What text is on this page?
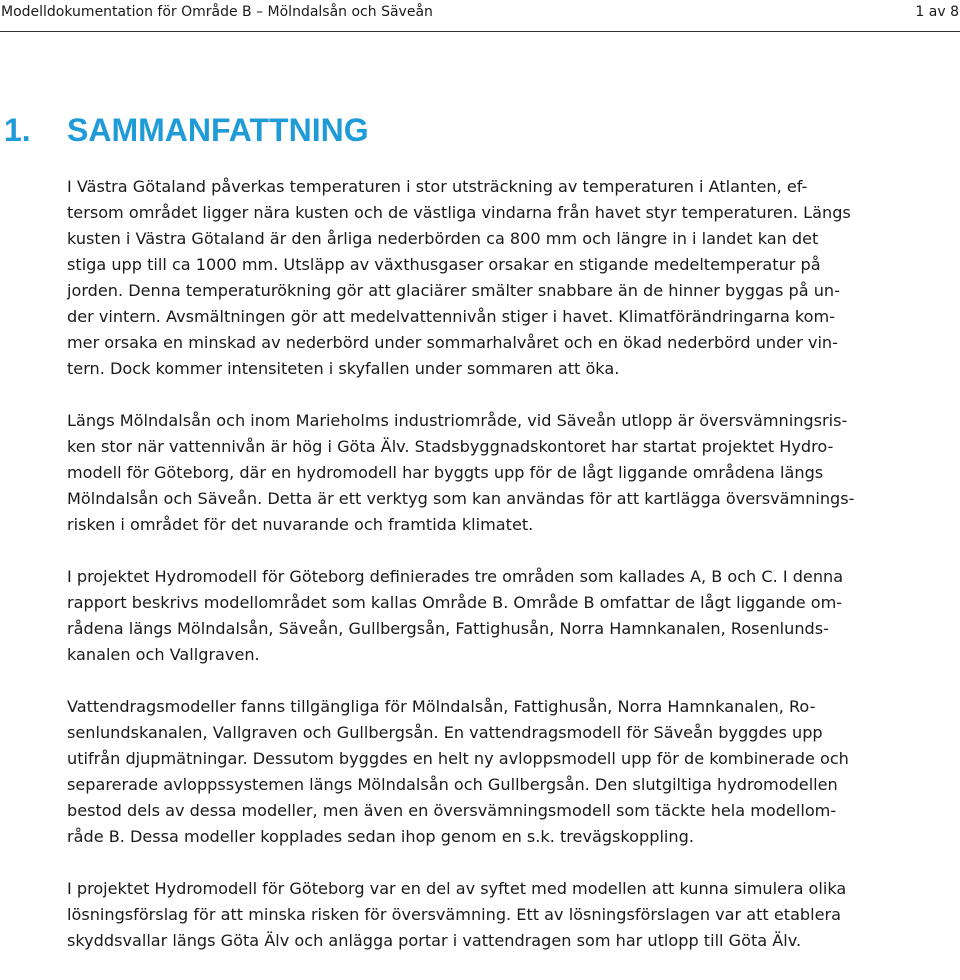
Modelldokumentation för Område B – Mölndalsån och Säveån	1 av 8
1. SAMMANFATTNING

I Västra Götaland påverkas temperaturen i stor utsträckning av temperaturen i Atlanten, ef-
tersom området ligger nära kusten och de västliga vindarna från havet styr temperaturen. Längs
kusten i Västra Götaland är den årliga nederbörden ca 800 mm och längre in i landet kan det
stiga upp till ca 1000 mm. Utsläpp av växthusgaser orsakar en stigande medeltemperatur på
jorden. Denna temperaturökning gör att glaciärer smälter snabbare än de hinner byggas på un-
der vintern. Avsmältningen gör att medelvattennivån stiger i havet. Klimatförändringarna kom-
mer orsaka en minskad av nederbörd under sommarhalvåret och en ökad nederbörd under vin-
tern. Dock kommer intensiteten i skyfallen under sommaren att öka.

Längs Mölndalsån och inom Marieholms industriområde, vid Säveån utlopp är översvämningsris-
ken stor när vattennivån är hög i Göta Älv. Stadsbyggnadskontoret har startat projektet Hydro-
modell för Göteborg, där en hydromodell har byggts upp för de lågt liggande områdena längs
Mölndalsån och Säveån. Detta är ett verktyg som kan användas för att kartlägga översvämnings-
risken i området för det nuvarande och framtida klimatet.

I projektet Hydromodell för Göteborg definierades tre områden som kallades A, B och C. I denna
rapport beskrivs modellområdet som kallas Område B. Område B omfattar de lågt liggande om-
rådena längs Mölndalsån, Säveån, Gullbergsån, Fattighusån, Norra Hamnkanalen, Rosenlunds-
kanalen och Vallgraven.

Vattendragsmodeller fanns tillgängliga för Mölndalsån, Fattighusån, Norra Hamnkanalen, Ro-
senlundskanalen, Vallgraven och Gullbergsån. En vattendragsmodell för Säveån byggdes upp
utifrån djupmätningar. Dessutom byggdes en helt ny avloppsmodell upp för de kombinerade och
separerade avloppssystemen längs Mölndalsån och Gullbergsån. Den slutgiltiga hydromodellen
bestod dels av dessa modeller, men även en översvämningsmodell som täckte hela modellom-
råde B. Dessa modeller kopplades sedan ihop genom en s.k. trevägskoppling.

I projektet Hydromodell för Göteborg var en del av syftet med modellen att kunna simulera olika
lösningsförslag för att minska risken för översvämning. Ett av lösningsförslagen var att etablera
skyddsvallar längs Göta Älv och anlägga portar i vattendragen som har utlopp till Göta Älv.
